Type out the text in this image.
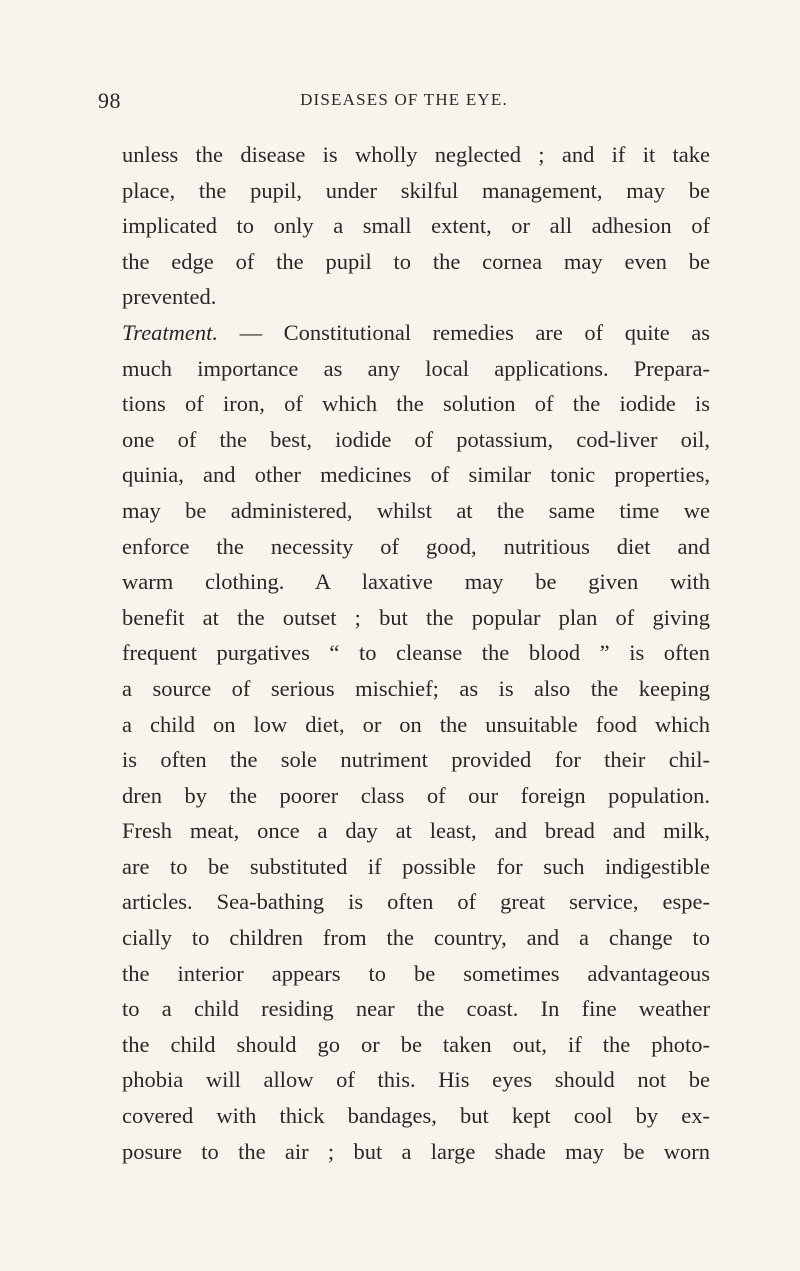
98	DISEASES OF THE EYE.
unless the disease is wholly neglected ; and if it take
place, the pupil, under skilful management, may be
implicated to only a small extent, or all adhesion of
the edge of the pupil to the cornea may even be
prevented.
Treatment. — Constitutional remedies are of quite as
much importance as any local applications. Prepara-
tions of iron, of which the solution of the iodide is
one of the best, iodide of potassium, cod-liver oil,
quinia, and other medicines of similar tonic properties,
may be administered, whilst at the same time we
enforce the necessity of good, nutritious diet and
warm clothing. A laxative may be given with
benefit at the outset ; but the popular plan of giving
frequent purgatives “ to cleanse the blood ” is often
a source of serious mischief; as is also the keeping
a child on low diet, or on the unsuitable food which
is often the sole nutriment provided for their chil-
dren by the poorer class of our foreign population.
Fresh meat, once a day at least, and bread and milk,
are to be substituted if possible for such indigestible
articles. Sea-bathing is often of great service, espe-
cially to children from the country, and a change to
the interior appears to be sometimes advantageous
to a child residing near the coast. In fine weather
the child should go or be taken out, if the photo-
phobia will allow of this. His eyes should not be
covered with thick bandages, but kept cool by ex-
posure to the air ; but a large shade may be worn
